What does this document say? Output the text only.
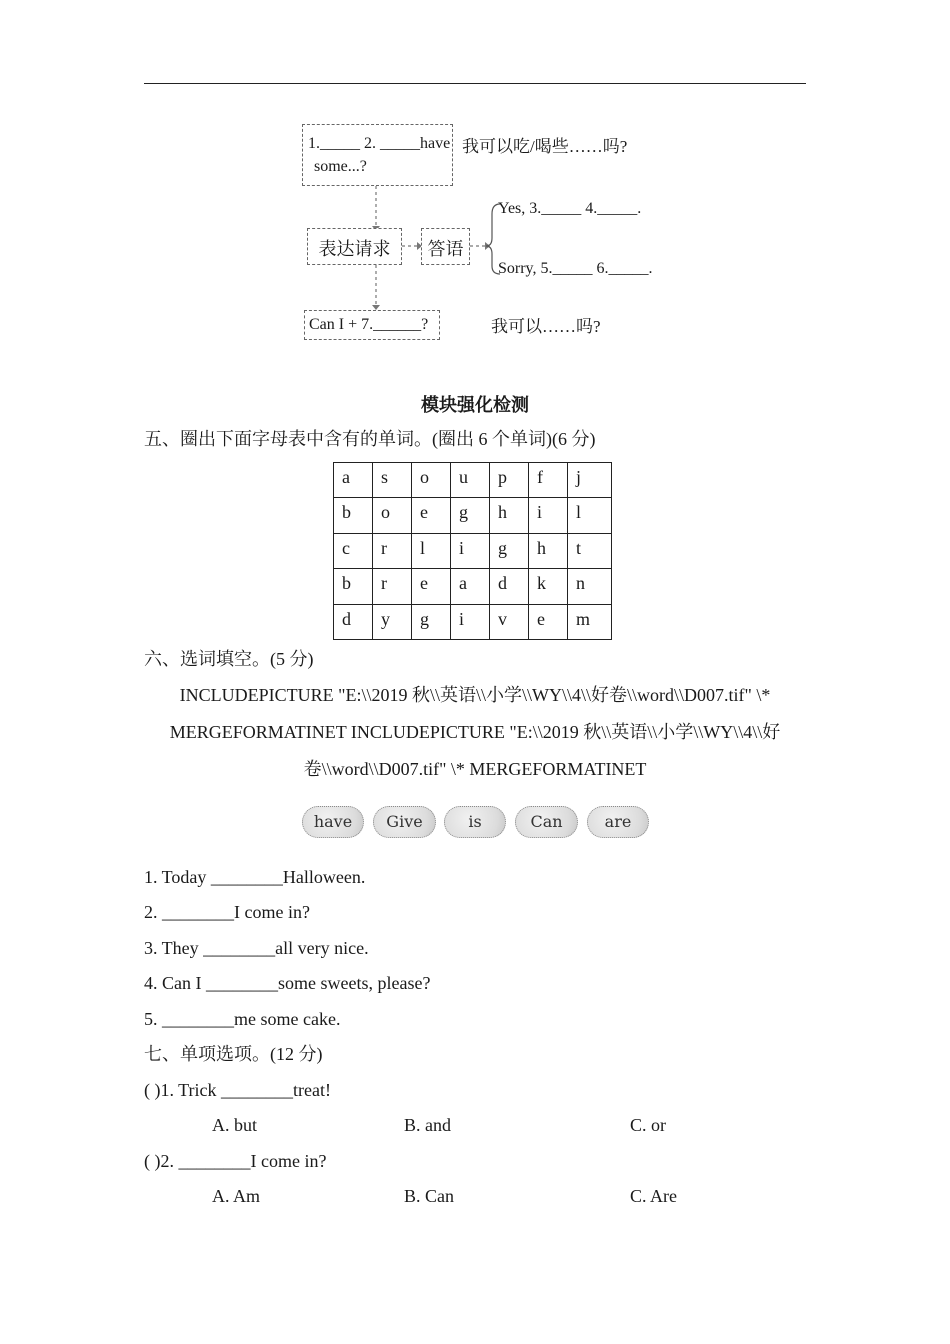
1._____ 2. _____have
some...?
我可以吃/喝些……吗?
表达请求	答语
Yes, 3._____ 4._____.
Sorry, 5._____ 6._____.
Can I + 7.______?	我可以……吗?
模块强化检测
五、圈出下面字母表中含有的单词。(圈出 6 个单词)(6 分)
a	s	o	u	p	f	j
b	o	e	g	h	i	l
c	r	l	i	g	h	t
b	r	e	a	d	k	n
d	y	g	i	v	e	m
六、选词填空。(5 分)
INCLUDEPICTURE "E:\\2019 秋\\英语\\小学\\WY\\4\\好卷\\word\\D007.tif" \*
MERGEFORMATINET INCLUDEPICTURE "E:\\2019 秋\\英语\\小学\\WY\\4\\好
卷\\word\\D007.tif" \* MERGEFORMATINET
have	Give	is	Can	are
1. Today ________Halloween.
2. ________I come in?
3. They ________all very nice.
4. Can I ________some sweets, please?
5. ________me some cake.
七、单项选项。(12 分)
( )1. Trick ________treat!
A. but	B. and	C. or
( )2. ________I come in?
A. Am	B. Can	C. Are
